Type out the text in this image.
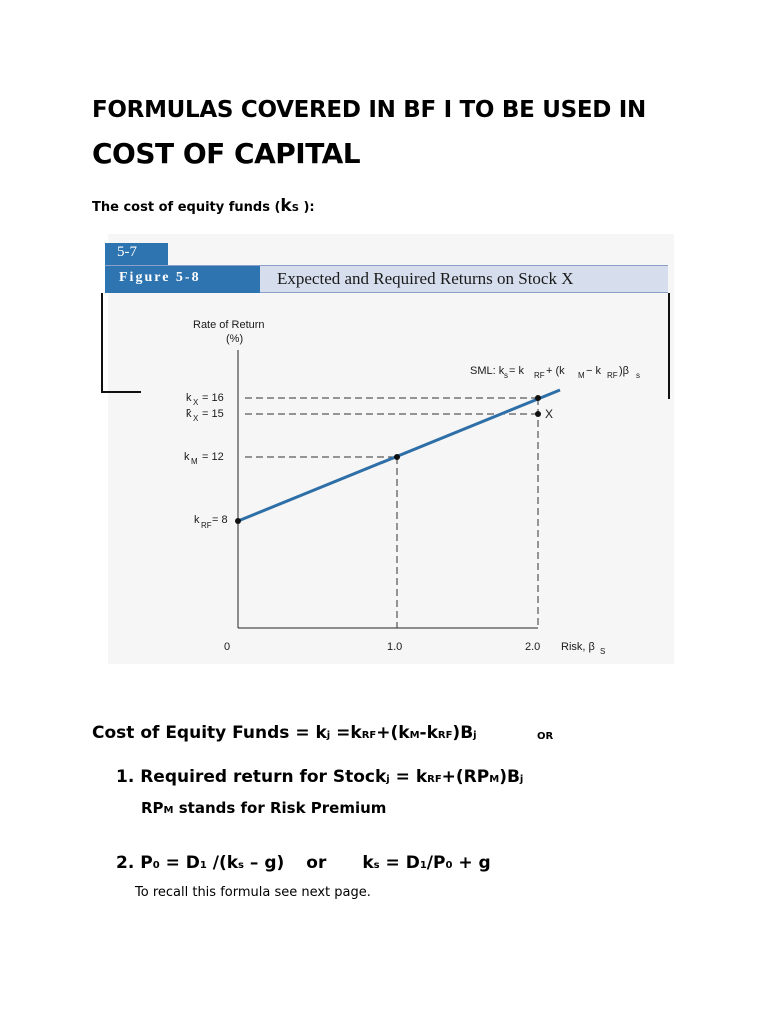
FORMULAS COVERED IN BF I TO BE USED IN
COST OF CAPITAL
The cost of equity funds (kS ):
5-7
Figure 5-8	Expected and Required Returns on Stock X
Rate of Return
(%)
k X = 16
k̂ X = 15
k M = 12
k RF = 8
X
SML: k s = k RF + (k M − k RF )β s
0	1.0	2.0 Risk, β S
Cost of Equity Funds = kj =kRF+(kM-kRF)Bj	OR
1. Required return for Stockj = kRF+(RPM)Bj
RPM stands for Risk Premium
2. P0 = D1 /(ks – g) or ks = D1/P0 + g
To recall this formula see next page.
